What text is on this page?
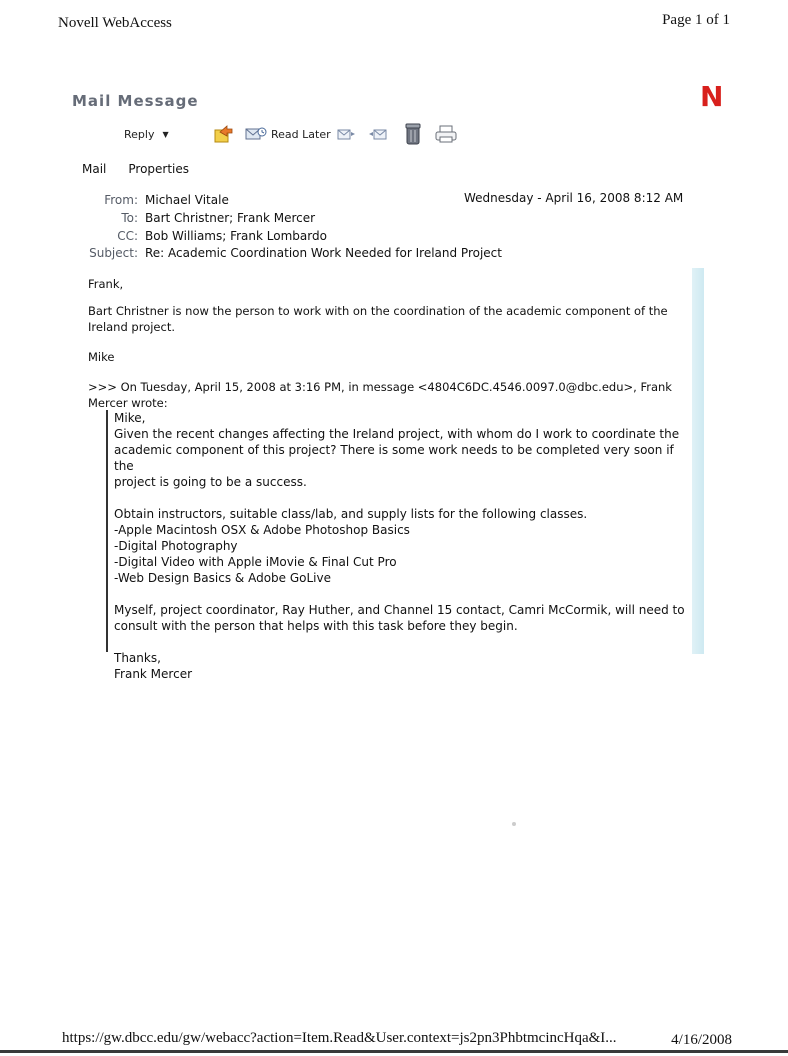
Novell WebAccess	Page 1 of 1
Mail Message	N
Reply ▼	Read Later
Mail Properties
From: Michael Vitale	Wednesday - April 16, 2008 8:12 AM
To: Bart Christner; Frank Mercer
CC: Bob Williams; Frank Lombardo
Subject: Re: Academic Coordination Work Needed for Ireland Project
Frank,
Bart Christner is now the person to work with on the coordination of the academic component of the
Ireland project.
Mike
>>> On Tuesday, April 15, 2008 at 3:16 PM, in message <4804C6DC.4546.0097.0@dbc.edu>, Frank
Mercer wrote:

Mike,

Given the recent changes affecting the Ireland project, with whom do I work to coordinate the

academic component of this project? There is some work needs to be completed very soon if the

project is going to be a success.

Obtain instructors, suitable class/lab, and supply lists for the following classes.

-Apple Macintosh OSX & Adobe Photoshop Basics

-Digital Photography

-Digital Video with Apple iMovie & Final Cut Pro

-Web Design Basics & Adobe GoLive

Myself, project coordinator, Ray Huther, and Channel 15 contact, Camri McCormik, will need to

consult with the person that helps with this task before they begin.

Thanks,

Frank Mercer

https://gw.dbcc.edu/gw/webacc?action=Item.Read&User.context=js2pn3PhbtmcincHqa&I...	4/16/2008
